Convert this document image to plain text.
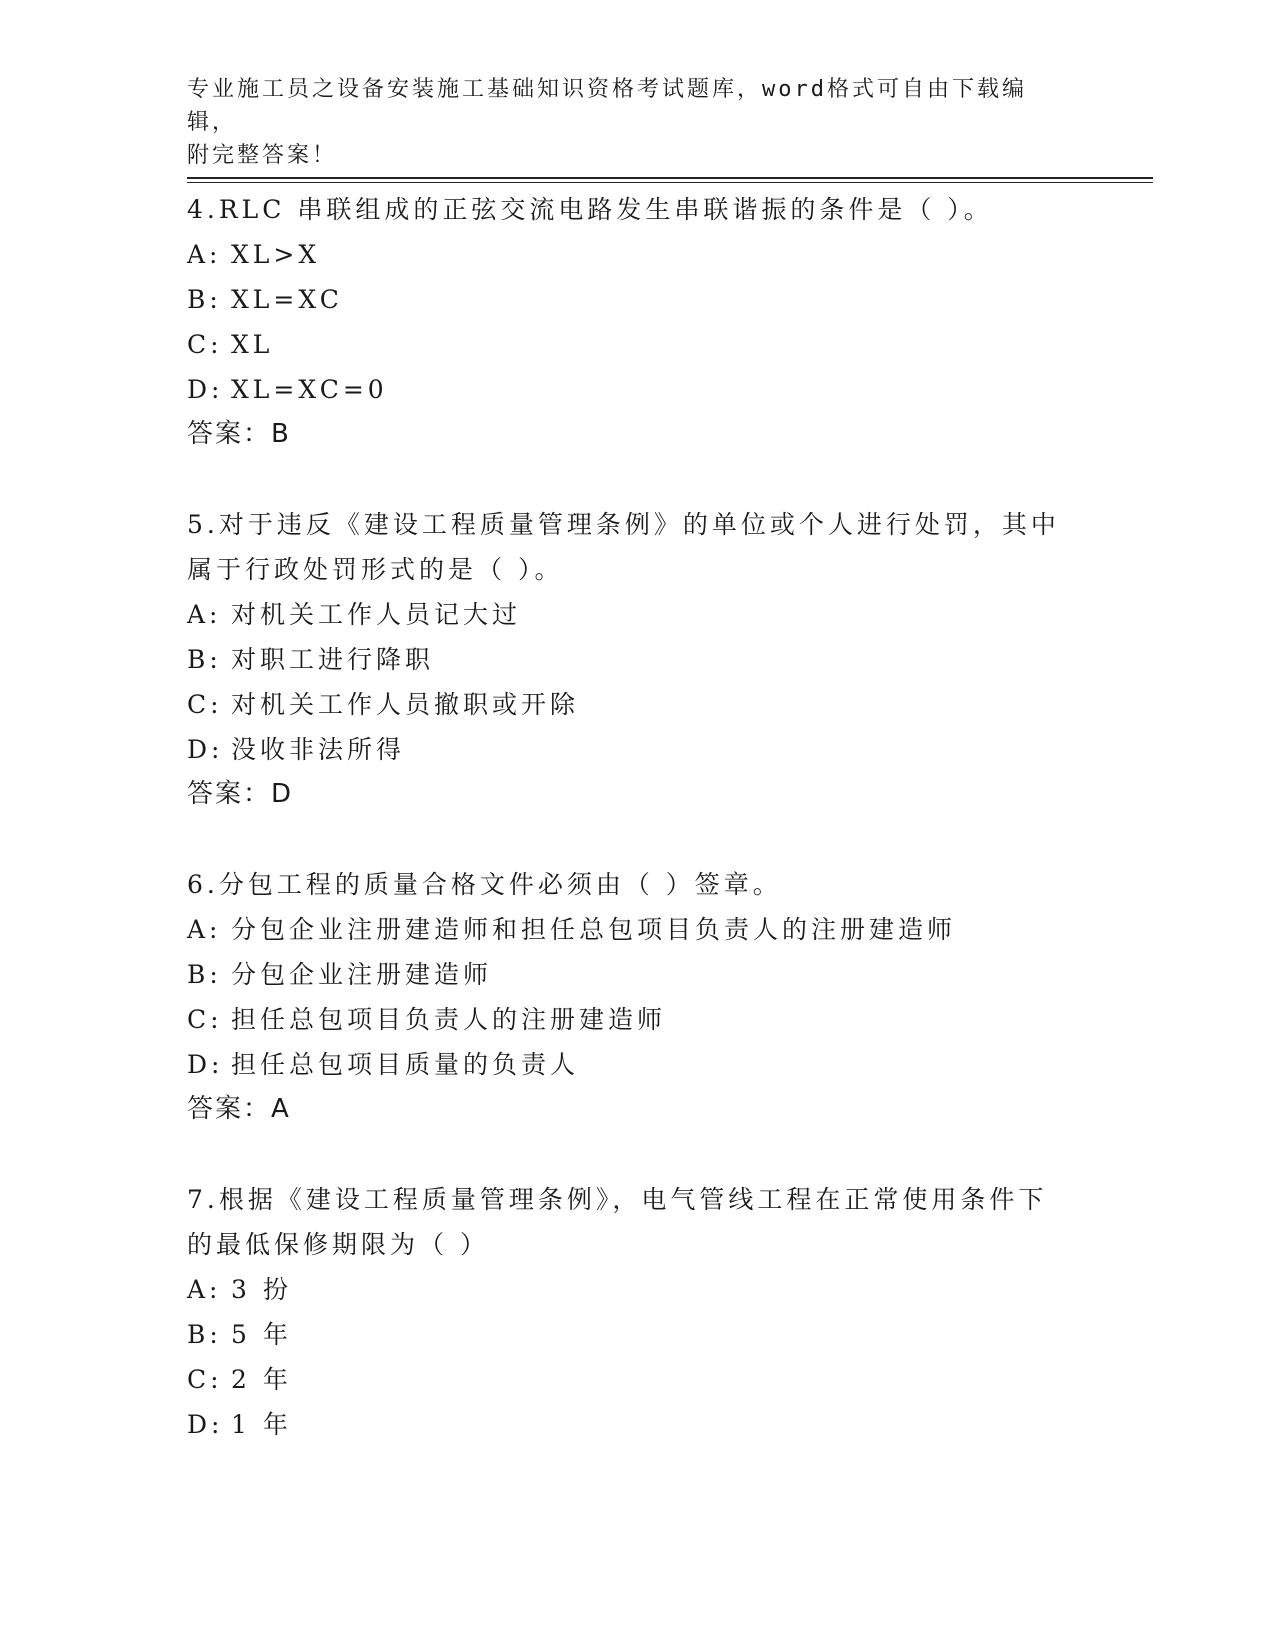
专业施工员之设备安装施工基础知识资格考试题库，word格式可自由下载编辑，
附完整答案！

4.RLC 串联组成的正弦交流电路发生串联谐振的条件是（ ）。

A: XL>X
B: XL=XC
C: XL
D: XL=XC=0

答案：B

5.对于违反《建设工程质量管理条例》的单位或个人进行处罚，其中

属于行政处罚形式的是（ ）。

A: 对机关工作人员记大过
B: 对职工进行降职
C: 对机关工作人员撤职或开除
D: 没收非法所得

答案：D

6.分包工程的质量合格文件必须由（ ）签章。

A: 分包企业注册建造师和担任总包项目负责人的注册建造师
B: 分包企业注册建造师
C: 担任总包项目负责人的注册建造师
D: 担任总包项目质量的负责人

答案：A

7.根据《建设工程质量管理条例》，电气管线工程在正常使用条件下

的最低保修期限为（ ）

A: 3 扮
B: 5 年
C: 2 年
D: 1 年
